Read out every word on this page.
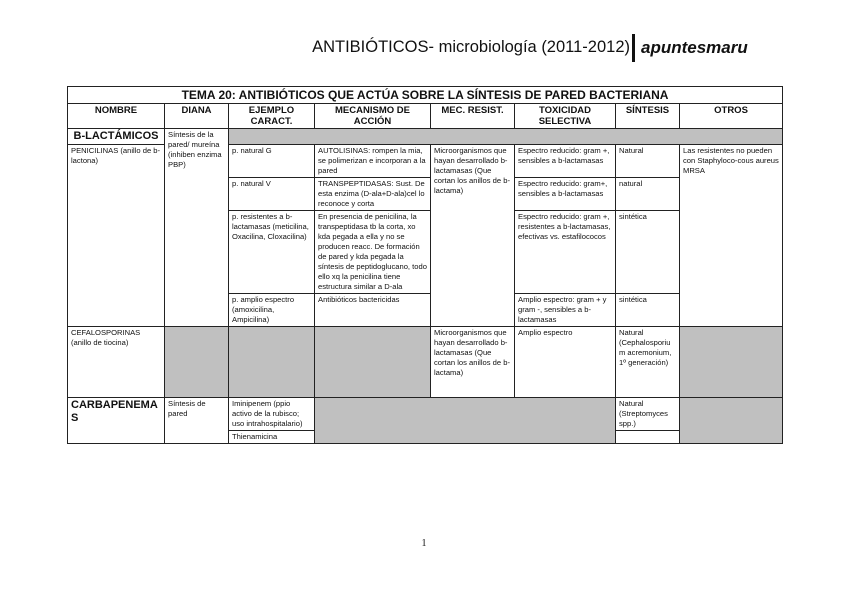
ANTIBIÓTICOS- microbiología (2011-2012) apuntesmaru
TEMA 20: ANTIBIÓTICOS QUE ACTÚA SOBRE LA SÍNTESIS DE PARED BACTERIANA							
NOMBRE	DIANA	EJEMPLO CARACT.	MECANISMO DE ACCIÓN	MEC. RESIST.	TOXICIDAD SELECTIVA	SÍNTESIS	OTROS
B-LACTÁMICOS	Síntesis de la pared/ mureína (inhiben enzima PBP)						
PENICILINAS (anillo de b-lactona)		p. natural G	AUTOLISINAS: rompen la mia, se polimerizan e incorporan a la pared	Microorganismos que hayan desarrollado b-lactamasas (Que cortan los anillos de b-lactama)	Espectro reducido: gram +, sensibles a b-lactamasas	Natural	Las resistentes no pueden con Staphyloco-cous aureus MRSA
		p. natural V	TRANSPEPTIDASAS: Sust. De esta enzima (D-ala+D-ala)cel lo reconoce y corta		Espectro reducido: gram+, sensibles a b-lactamasas	natural	
		p. resistentes a b-lactamasas (meticilina, Oxacilina, Cloxacilina)	En presencia de penicilina, la transpeptidasa tb la corta, xo kda pegada a ella y no se producen reacc. De formación de pared y kda pegada la síntesis de peptidoglucano, todo ello xq la penicilina tiene estructura similar a D-ala		Espectro reducido: gram +, resistentes a b-lactamasas, efectivas vs. estafilococos	sintética	
		p. amplio espectro (amoxicilina, Ampicilina)	Antibióticos bactericidas		Amplio espectro: gram + y gram -, sensibles a b-lactamasas	sintética	
CEFALOSPORINAS (anillo de tiocina)				Microorganismos que hayan desarrollado b-lactamasas (Que cortan los anillos de b-lactama)	Amplio espectro	Natural (Cephalosporium acremonium, 1º generación)	
CARBAPENEMAS	Síntesis de pared	Iminipenem (ppio activo de la rubisco; uso intrahospitalario)				Natural (Streptomyces spp.)	
		Thienamicina					
1
